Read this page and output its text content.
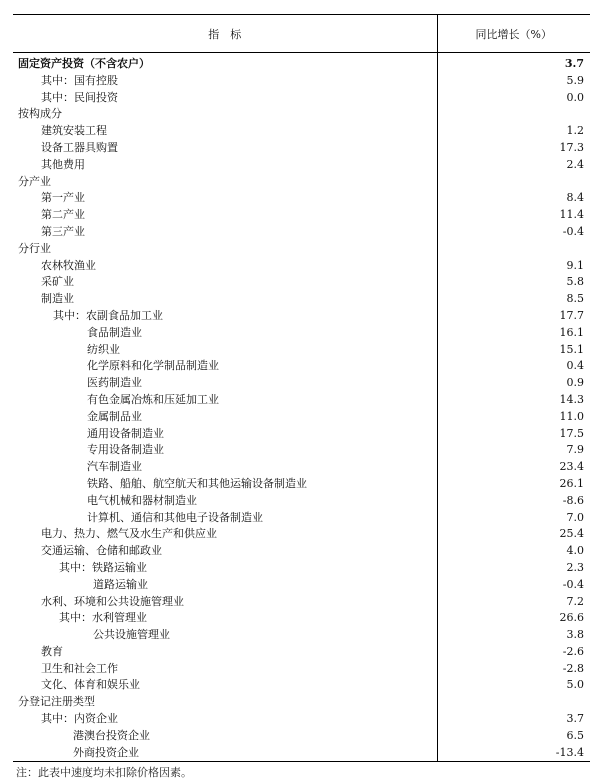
指　标	同比增长（%）
固定资产投资（不含农户）	3.7
其中：国有控股	5.9
其中：民间投资	0.0
按构成分	
建筑安装工程	1.2
设备工器具购置	17.3
其他费用	2.4
分产业	
第一产业	8.4
第二产业	11.4
第三产业	-0.4
分行业	
农林牧渔业	9.1
采矿业	5.8
制造业	8.5
其中：农副食品加工业	17.7
食品制造业	16.1
纺织业	15.1
化学原料和化学制品制造业	0.4
医药制造业	0.9
有色金属冶炼和压延加工业	14.3
金属制品业	11.0
通用设备制造业	17.5
专用设备制造业	7.9
汽车制造业	23.4
铁路、船舶、航空航天和其他运输设备制造业	26.1
电气机械和器材制造业	-8.6
计算机、通信和其他电子设备制造业	7.0
电力、热力、燃气及水生产和供应业	25.4
交通运输、仓储和邮政业	4.0
其中：铁路运输业	2.3
道路运输业	-0.4
水利、环境和公共设施管理业	7.2
其中：水利管理业	26.6
公共设施管理业	3.8
教育	-2.6
卫生和社会工作	-2.8
文化、体育和娱乐业	5.0
分登记注册类型	
其中：内资企业	3.7
港澳台投资企业	6.5
外商投资企业	-13.4
注：此表中速度均未扣除价格因素。
